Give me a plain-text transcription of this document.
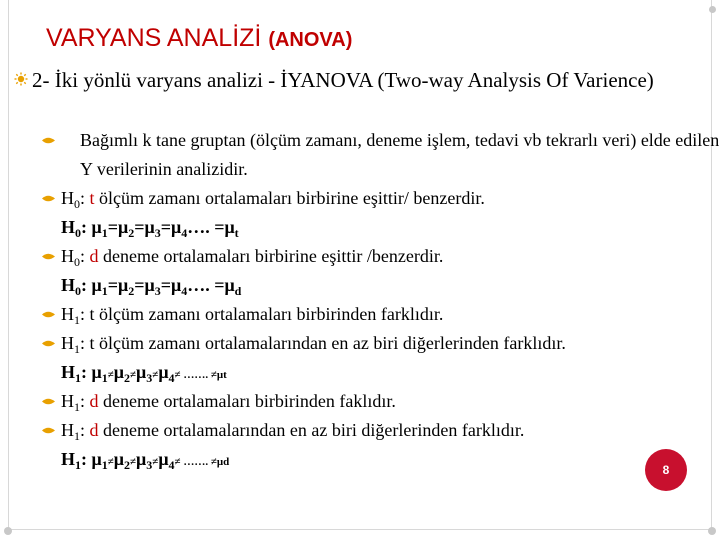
VARYANS ANALİZİ (ANOVA)
2- İki yönlü varyans analizi - İYANOVA (Two-way Analysis Of Varience)
Bağımlı k tane gruptan (ölçüm zamanı, deneme işlem, tedavi vb tekrarlı veri) elde edilen Y verilerinin analizidir.
$H_0$: t ölçüm zamanı ortalamaları birbirine eşittir/ benzerdir.
$H_0$: $\mu_1=\mu_2=\mu_3=\mu_4\dots$. $=\mu_t$
$H_0$: d deneme ortalamaları birbirine eşittir /benzerdir.
$H_0$: $\mu_1=\mu_2=\mu_3=\mu_4\dots$. $=\mu_d$
$H_1$: t ölçüm zamanı ortalamaları birbirinden farklıdır.
$H_1$: t ölçüm zamanı ortalamalarından en az biri diğerlerinden farklıdır.
$H_1$: $\mu_1\ne\mu_2\ne\mu_3\ne\mu_4\ne$ ……. ≠μt
$H_1$: d deneme ortalamaları birbirinden faklıdır.
$H_1$: d deneme ortalamalarından en az biri diğerlerinden farklıdır.
$H_1$: $\mu_1\ne\mu_2\ne\mu_3\ne\mu_4\ne$ ……. ≠μd
8
